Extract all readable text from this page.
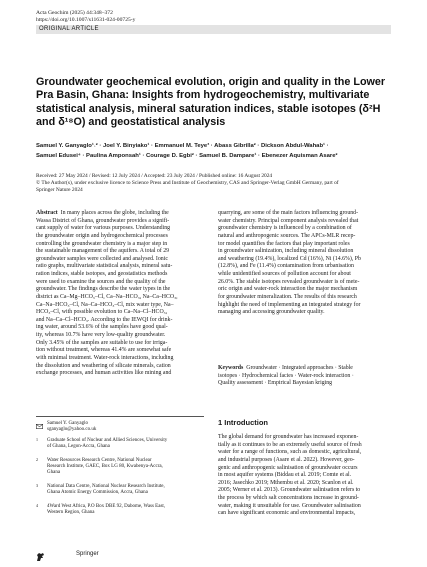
Acta Geochim (2025) 44:348–372
https://doi.org/10.1007/s11631-024-00725-y
ORIGINAL ARTICLE
Groundwater geochemical evolution, origin and quality in the Lower Pra Basin, Ghana: Insights from hydrogeochemistry, multivariate statistical analysis, mineral saturation indices, stable isotopes (δ²H and δ¹⁸O) and geostatistical analysis
Samuel Y. Ganyaglo¹˒² · Joel Y. Binyiako¹ · Emmanuel M. Teye³ · Abass Gibrilla² · Dickson Abdul-Wahab¹ ·
Samuel Edusei⁴ · Paulina Amponsah¹ · Courage D. Egbi² · Samuel B. Dampare¹ · Ebenezer Aquisman Asare²
Received: 27 May 2024 / Revised: 12 July 2024 / Accepted: 23 July 2024 / Published online: 16 August 2024
© The Author(s), under exclusive licence to Science Press and Institute of Geochemistry, CAS and Springer-Verlag GmbH Germany, part of
Springer Nature 2024
Abstract In many places across the globe, including the
Wassa District of Ghana, groundwater provides a signifi-
cant supply of water for various purposes. Understanding
the groundwater origin and hydrogeochemical processes
controlling the groundwater chemistry is a major step in
the sustainable management of the aquifers. A total of 29
groundwater samples were collected and analysed. Ionic
ratio graphs, multivariate statistical analysis, mineral satu-
ration indices, stable isotopes, and geostatistics methods
were used to examine the sources and the quality of the
groundwater. The findings describe the water types in the
district as Ca–Mg–HCO₃–Cl, Ca–Na–HCO₃, Na–Ca–HCO₃,
Ca–Na–HCO₃–Cl, Na–Ca–HCO₃–Cl, mix water type, Na–
HCO₃–Cl, with possible evolution to Ca–Na–Cl–HCO₃,
and Na–Ca–Cl–HCO₃. According to the IEWQI for drink-
ing water, around 53.6% of the samples have good qual-
ity, whereas 10.7% have very low-quality groundwater.
Only 3.45% of the samples are suitable to use for irriga-
tion without treatment, whereas 41.4% are somewhat safe
with minimal treatment. Water-rock interactions, including
the dissolution and weathering of silicate minerals, cation
exchange processes, and human activities like mining and
quarrying, are some of the main factors influencing ground-
water chemistry. Principal component analysis revealed that
groundwater chemistry is influenced by a combination of
natural and anthropogenic sources. The APCs-MLR recep-
tor model quantifies the factors that play important roles
in groundwater salinization, including mineral dissolution
and weathering (19.4%), localized Cd (16%), Ni (14.6%), Pb
(12.8%), and Fe (11.4%) contamination from urbanisation
while unidentified sources of pollution account for about
26.0%. The stable isotopes revealed groundwater is of mete-
oric origin and water-rock interaction the major mechanism
for groundwater mineralization. The results of this research
highlight the need of implementing an integrated strategy for
managing and accessing groundwater quality.
Keywords Groundwater · Integrated approaches · Stable
isotopes · Hydrochemical facies · Water-rock interaction ·
Quality assessment · Empirical Bayesian kriging
1 Introduction
The global demand for groundwater has increased exponen-
tially as it continues to be an extremely useful source of fresh
water for a range of functions, such as domestic, agricultural,
and industrial purposes (Asare et al. 2022). However, geo-
genic and anthropogenic salinisation of groundwater occurs
in most aquifer systems (Biddau et al. 2019; Comte et al.
2016; Jasechko 2019; Mthembu et al. 2020; Scanlon et al.
2005; Werner et al. 2013). Groundwater salinisation refers to
the process by which salt concentrations increase in ground-
water, making it unsuitable for use. Groundwater salinisation
can have significant economic and environmental impacts,
Samuel Y. Ganyaglo
sganyaglo@yahoo.co.uk
1	Graduate School of Nuclear and Allied Sciences, University
of Ghana, Legon-Accra, Ghana
2	Water Resources Research Centre, National Nuclear
Research Institute, GAEC, Box LG 80, Kwabenya-Accra,
Ghana
3	National Data Centre, National Nuclear Research Institute,
Ghana Atomic Energy Commission, Accra, Ghana
4	4Ward West Africa, P.O Box DBE 92, Dabome, Wass East,
Western Region, Ghana
Springer
